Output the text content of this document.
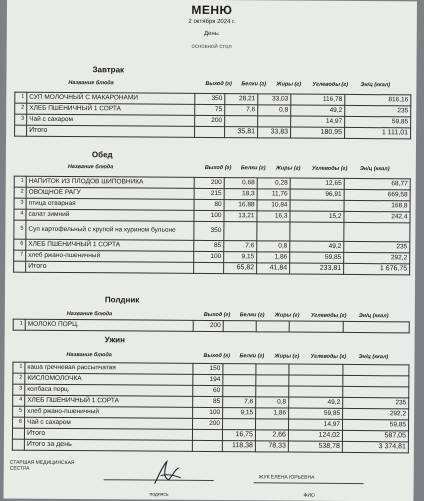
МЕНЮ
2 октября 2024 г.
День:
основной стол
Завтрак
Название блюда	Выход (г) Белки (г) Жиры (г) Углеводы (г) Эн/ц (ккал)
1	СУП МОЛОЧНЫЙ С МАКАРОНАМИ	350	28,21	33,03	116,78	816,16
2	ХЛЕБ ПШЕНИЧНЫЙ 1 СОРТА	75	7,6	0,8	49,2	235
3	Чай с сахаром	200			14,97	59,85
	Итого		35,81	33,83	180,95	1 111,01
Обед
Название блюда	Выход (г) Белки (г) Жиры (г) Углеводы (г) Эн/ц (ккал)
1	НАПИТОК ИЗ ПЛОДОВ ШИПОВНИКА	200	0,68	0,28	12,65	68,77
2	ОВОЩНОЕ РАГУ	215	18,3	11,76	96,91	669,58
3	птица отварная	80	16,88	10,84		168,8
4	салат зимний	100	13,21	16,3	15,2	242,4
5	Суп картофельный с крупой на курином бульоне	350				
6	ХЛЕБ ПШЕНИЧНЫЙ 1 СОРТА	85	7,6	0,8	49,2	235
7	хлеб ржано-пшеничный	100	9,15	1,86	59,85	292,2
	Итого		65,82	41,84	233,81	1 676,75
Полдник
Название блюда	Выход (г) Белки (г) Жиры (г) Углеводы (г) Эн/ц (ккал)
1	МОЛОКО ПОРЦ.	200				
Ужин
Название блюда	Выход (г) Белки (г) Жиры (г) Углеводы (г) Эн/ц (ккал)
1	каша гречневая рассыпчатая	150				
2	КИСЛОМОЛОЧКА	194				
3	колбаса порц.	60				
4	ХЛЕБ ПШЕНИЧНЫЙ 1 СОРТА	85	7,6	0,8	49,2	235
5	хлеб ржано-пшеничный	100	9,15	1,86	59,85	292,2
6	Чай с сахаром	200			14,97	59,85
	Итого		16,75	2,66	124,02	587,05
	Итого за день		118,38	78,33	538,78	3 374,81
СТАРШАЯ МЕДИЦИНСКАЯ СЕСТРА
подпись
ЖУК ЕЛЕНА ЮРЬЕВНА
ФИО
